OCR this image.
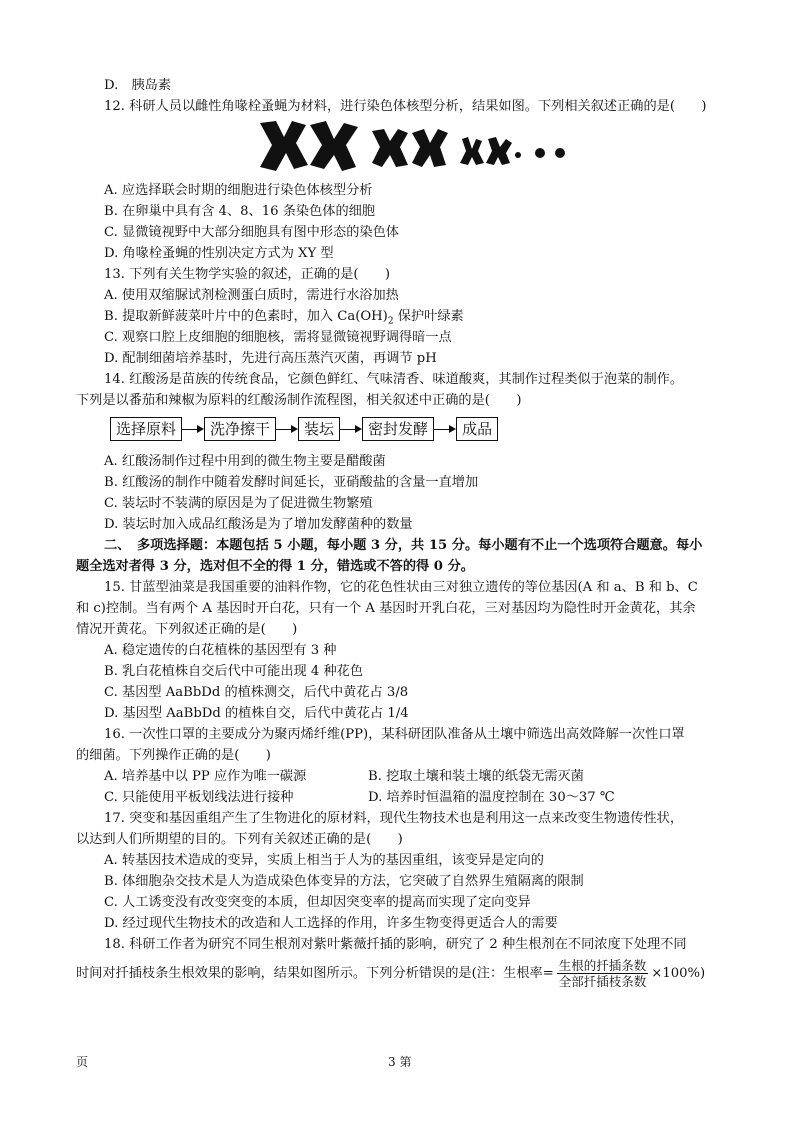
D.　胰岛素
12. 科研人员以雌性角喙栓蚤蝇为材料，进行染色体核型分析，结果如图。下列相关叙述正确的是(　　)
A. 应选择联会时期的细胞进行染色体核型分析
B. 在卵巢中具有含 4、8、16 条染色体的细胞
C. 显微镜视野中大部分细胞具有图中形态的染色体
D. 角喙栓蚤蝇的性别决定方式为 XY 型
13. 下列有关生物学实验的叙述，正确的是(　　)
A. 使用双缩脲试剂检测蛋白质时，需进行水浴加热
B. 提取新鲜菠菜叶片中的色素时，加入 $Ca(OH)_2$ 保护叶绿素
C. 观察口腔上皮细胞的细胞核，需将显微镜视野调得暗一点
D. 配制细菌培养基时，先进行高压蒸汽灭菌，再调节 pH
14. 红酸汤是苗族的传统食品，它颜色鲜红、气味清香、味道酸爽，其制作过程类似于泡菜的制作。
下列是以番茄和辣椒为原料的红酸汤制作流程图，相关叙述中正确的是(　　)
选择原料	洗净擦干	装坛	密封发酵	成品
A. 红酸汤制作过程中用到的微生物主要是醋酸菌
B. 红酸汤的制作中随着发酵时间延长，亚硝酸盐的含量一直增加
C. 装坛时不装满的原因是为了促进微生物繁殖
D. 装坛时加入成品红酸汤是为了增加发酵菌种的数量
二、　多项选择题：本题包括 5 小题，每小题 3 分，共 15 分。每小题有不止一个选项符合题意。每小
题全选对者得 3 分，选对但不全的得 1 分，错选或不答的得 0 分。
15. 甘蓝型油菜是我国重要的油料作物，它的花色性状由三对独立遗传的等位基因(A 和 a、B 和 b、C
和 c)控制。当有两个 A 基因时开白花，只有一个 A 基因时开乳白花，三对基因均为隐性时开金黄花，其余
情况开黄花。下列叙述正确的是(　　)
A. 稳定遗传的白花植株的基因型有 3 种
B. 乳白花植株自交后代中可能出现 4 种花色
C. 基因型 AaBbDd 的植株测交，后代中黄花占 3/8
D. 基因型 AaBbDd 的植株自交，后代中黄花占 1/4
16. 一次性口罩的主要成分为聚丙烯纤维(PP)，某科研团队准备从土壤中筛选出高效降解一次性口罩
的细菌。下列操作正确的是(　　)
A. 培养基中以 PP 应作为唯一碳源	B. 挖取土壤和装土壤的纸袋无需灭菌
C. 只能使用平板划线法进行接种	D. 培养时恒温箱的温度控制在 30～37 ℃
17. 突变和基因重组产生了生物进化的原材料，现代生物技术也是利用这一点来改变生物遗传性状，
以达到人们所期望的目的。下列有关叙述正确的是(　　)
A. 转基因技术造成的变异，实质上相当于人为的基因重组，该变异是定向的
B. 体细胞杂交技术是人为造成染色体变异的方法，它突破了自然界生殖隔离的限制
C. 人工诱变没有改变突变的本质，但却因突变率的提高而实现了定向变异
D. 经过现代生物技术的改造和人工选择的作用，许多生物变得更适合人的需要
18. 科研工作者为研究不同生根剂对紫叶紫薇扦插的影响，研究了 2 种生根剂在不同浓度下处理不同
时间对扦插枝条生根效果的影响，结果如图所示。下列分析错误的是(注：生根率= $\frac{\text{生根的扦插条数}}{\text{全部扦插枝条数}} \times 100\%$)
页	3 第
